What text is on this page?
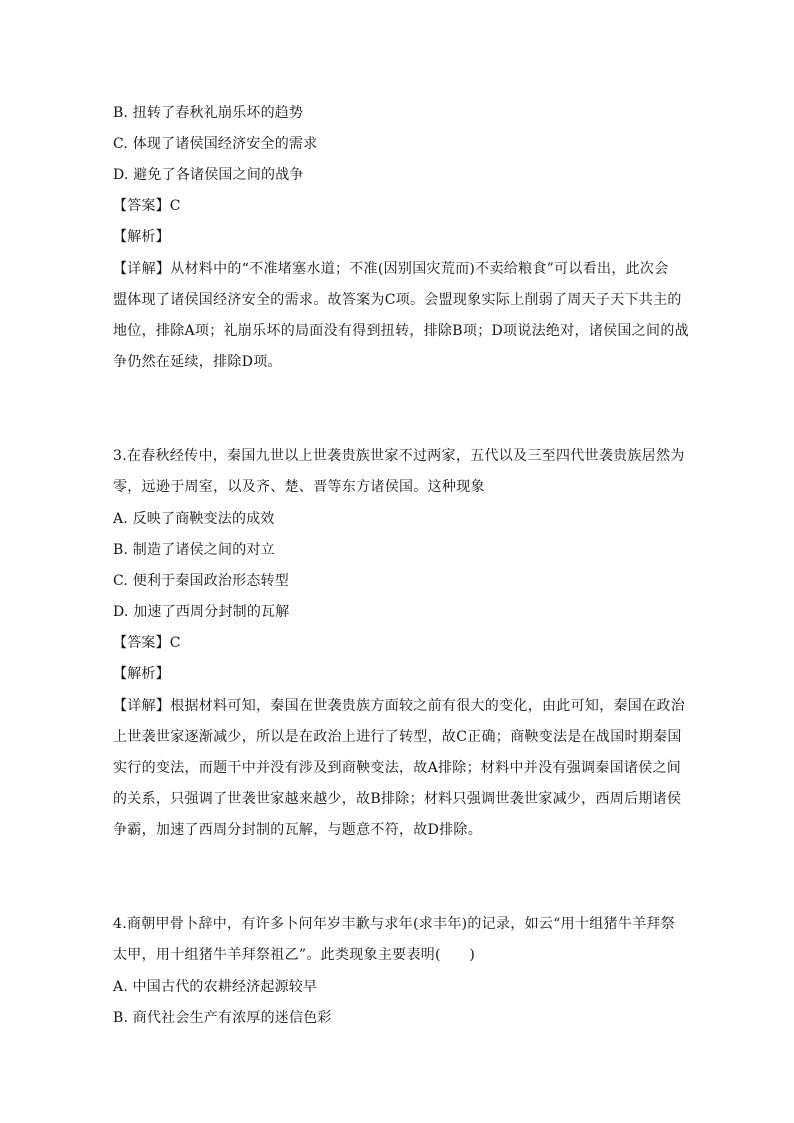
B. 扭转了春秋礼崩乐坏的趋势
C. 体现了诸侯国经济安全的需求
D. 避免了各诸侯国之间的战争
【答案】C
【解析】
【详解】从材料中的“不准堵塞水道；不准(因别国灾荒而)不卖给粮食”可以看出，此次会
盟体现了诸侯国经济安全的需求。故答案为C项。会盟现象实际上削弱了周天子天下共主的
地位，排除A项；礼崩乐坏的局面没有得到扭转，排除B项；D项说法绝对，诸侯国之间的战
争仍然在延续，排除D项。
3.在春秋经传中，秦国九世以上世袭贵族世家不过两家，五代以及三至四代世袭贵族居然为
零，远逊于周室，以及齐、楚、晋等东方诸侯国。这种现象
A. 反映了商鞅变法的成效
B. 制造了诸侯之间的对立
C. 便利于秦国政治形态转型
D. 加速了西周分封制的瓦解
【答案】C
【解析】
【详解】根据材料可知，秦国在世袭贵族方面较之前有很大的变化，由此可知，秦国在政治
上世袭世家逐渐减少，所以是在政治上进行了转型，故C正确；商鞅变法是在战国时期秦国
实行的变法，而题干中并没有涉及到商鞅变法，故A排除；材料中并没有强调秦国诸侯之间
的关系，只强调了世袭世家越来越少，故B排除；材料只强调世袭世家减少，西周后期诸侯
争霸，加速了西周分封制的瓦解，与题意不符，故D排除。
4.商朝甲骨卜辞中，有许多卜问年岁丰歉与求年(求丰年)的记录，如云“用十组猪牛羊拜祭
太甲，用十组猪牛羊拜祭祖乙”。此类现象主要表明(　　)
A. 中国古代的农耕经济起源较早
B. 商代社会生产有浓厚的迷信色彩
